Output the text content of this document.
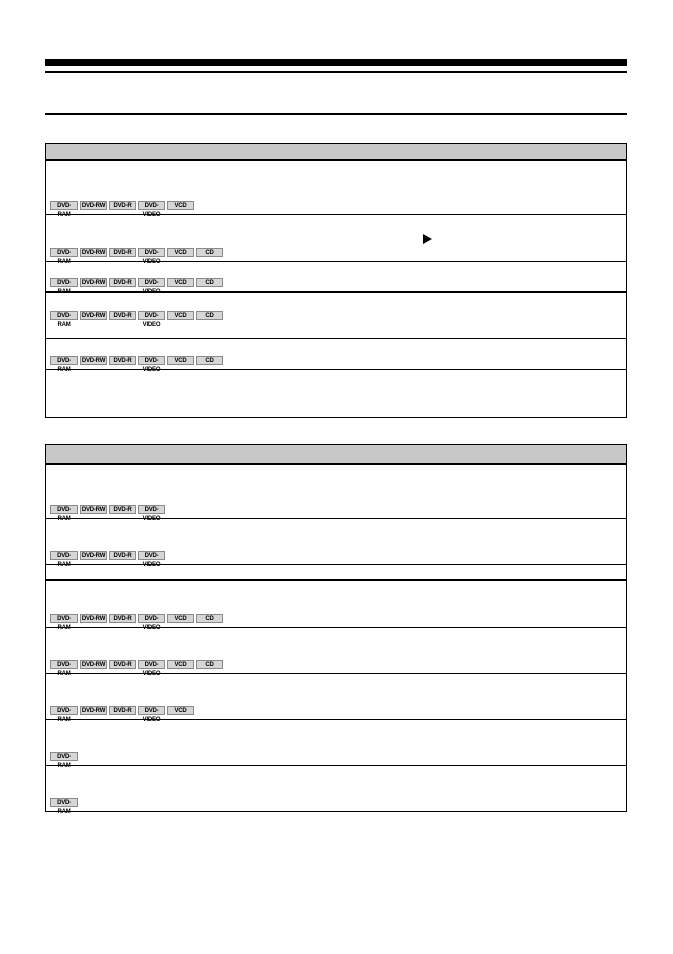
DVD-RAM
DVD-RW	DVD-R	DVD-VIDEO
VCD
DVD-RAM
DVD-RW	DVD-R	DVD-VIDEO
VCD	CD
DVD-RAM
DVD-RW	DVD-R	DVD-VIDEO
VCD	CD
DVD-RAM
DVD-RW	DVD-R	DVD-VIDEO
VCD	CD
DVD-RAM
DVD-RW	DVD-R	DVD-VIDEO
VCD	CD
DVD-RAM
DVD-RW	DVD-R	DVD-VIDEO
DVD-RAM
DVD-RW	DVD-R	DVD-VIDEO
DVD-RAM
DVD-RW	DVD-R	DVD-VIDEO
VCD	CD
DVD-RAM
DVD-RW	DVD-R	DVD-VIDEO
VCD	CD
DVD-RAM
DVD-RW	DVD-R	DVD-VIDEO
VCD
DVD-RAM
DVD-RAM
